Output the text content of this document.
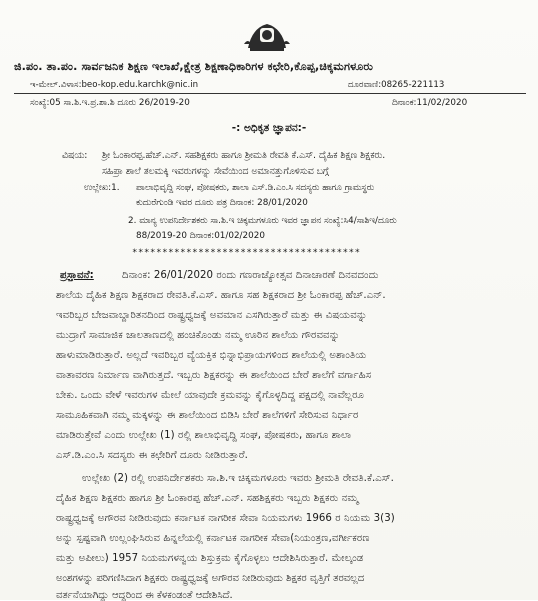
ಜಿ.ಪಂ. ತಾ.ಪಂ. ಸಾರ್ವಜನಿಕ ಶಿಕ್ಷಣ ಇಲಾಖೆ,ಕ್ಷೇತ್ರ ಶಿಕ್ಷಣಾಧಿಕಾರಿಗಳ ಕಛೇರಿ,ಕೊಪ್ಪ,ಚಿಕ್ಕಮಗಳೂರು
ಇ-ಮೇಲ್.ವಿಳಾಸ:beo-kop.edu.karchk@nic.in	ದೂರವಾಣಿ:08265-221113
ಸಂಖ್ಯೆ:05 ಸಾ.ಶಿ.ಇ.ಪ್ರ.ಶಾ.ಶಿ ದೂರು 26/2019-20	ದಿನಾಂಕ:11/02/2020
-: ಅಧಿಕೃತ ಜ್ಞಾಪನ:-
ವಿಷಯ: ಶ್ರೀ ಓಂಕಾರಪ್ಪ.ಹೆಚ್.ಎನ್. ಸಹಶಿಕ್ಷಕರು ಹಾಗೂ ಶ್ರೀಮತಿ ರೇವತಿ ಕೆ.ಎಸ್. ದೈಹಿಕ ಶಿಕ್ಷಣ ಶಿಕ್ಷಕರು.
ಸಹಿಪ್ರಾ ಶಾಲೆ ತಲಮಕ್ಕಿ ಇವರುಗಳನ್ನು ಸೇವೆಯಿಂದ ಅಮಾನತ್ತುಗೊಳಿಸುವ ಬಗ್ಗೆ
ಉಲ್ಲೇಖ:1. ಪಾಲಾಭಿವೃದ್ದಿ ಸಂಘ, ಪೋಷಕರು, ಶಾಲಾ ಎಸ್.ಡಿ.ಎಂ.ಸಿ ಸದಸ್ಯರು ಹಾಗೂ ಗ್ರಾಮಸ್ಥರು
ಕುದುರೆಗುಂಡಿ ಇವರ ದೂರು ಪತ್ರ ದಿನಾಂಕ: 28/01/2020
2. ಮಾನ್ಯ ಉಪನಿರ್ದೇಶಕರು ಸಾ.ಶಿ.ಇ ಚಿಕ್ಕಮಗಳೂರು ಇವರ ಜ್ಞಾಪನ ಸಂಖ್ಯೆ:ಸಿ4/ಸಾಶಿಇ/ದೂರು
88/2019-20 ದಿನಾಂಕ:01/02/2020
**************************************
ಪ್ರಸ್ತಾವನೆ:	ದಿನಾಂಕ: 26/01/2020 ರಂದು ಗಣರಾಜ್ಯೋತ್ಸವ ದಿನಾಚಾರಣೆ ದಿನವದಂದು
ಶಾಲೆಯ ದೈಹಿಕ ಶಿಕ್ಷಣ ಶಿಕ್ಷಕರಾದ ರೇವತಿ.ಕೆ.ಎಸ್. ಹಾಗೂ ಸಹ ಶಿಕ್ಷಕರಾದ ಶ್ರೀ ಓಂಕಾರಪ್ಪ ಹೆಚ್.ಎನ್.
ಇವರಿಬ್ಬರ ಬೇಜವಾಬ್ದಾರಿತನದಿಂದ ರಾಷ್ಟ್ರಧ್ವಜಕ್ಕೆ ಅವಮಾನ ಎಸಗಿರುತ್ತಾರೆ ಮತ್ತು ಈ ವಿಷಯವನ್ನು
ಮುದ್ರಾಗೆ ಸಾಮಾಜಿಕ ಜಾಲತಾಣದಲ್ಲಿ ಹಂಚಿಕೊಂಡು ನಮ್ಮ ಊರಿನ ಶಾಲೆಯ ಗೌರವವನ್ನು
ಹಾಳುಮಾಡಿರುತ್ತಾರೆ. ಅಲ್ಲದೆ ಇವರಿಬ್ಬರ ವ್ಯೆಯಕ್ತಿಕ ಭಿನ್ನಾಭಿಪ್ರಾಯಗಳಿಂದ ಶಾಲೆಯಲ್ಲಿ ಅಶಾಂತಿಯ
ವಾತಾವರಣ ನಿರ್ಮಾಣ ವಾಗಿರುತ್ತದೆ. ಇಬ್ಬರು ಶಿಕ್ಷಕರನ್ನು ಈ ಶಾಲೆಯಿಂದ ಬೇರೆ ಶಾಲೆಗೆ ವರ್ಗಾಹಿಸ
ಬೇಕು. ಒಂದು ವೇಳೆ ಇವರುಗಳ ಮೇಲೆ ಯಾವುದೇ ಕ್ರಮವನ್ನು ಕೈಗೊಳ್ಳದಿದ್ದ ಪಕ್ಷದಲ್ಲಿ ನಾವೆಲ್ಲರೂ
ಸಾಮೂಹಿಕವಾಗಿ ನಮ್ಮ ಮಕ್ಕಳನ್ನು ಈ ಶಾಲೆಯಿಂದ ಬಿಡಿಸಿ ಬೇರೆ ಶಾಲೆಗಳಿಗೆ ಸೇರಿಸುವ ನಿರ್ಧಾರ
ಮಾಡಿರುತ್ತೇವೆ ಎಂದು ಉಲ್ಲೇಖ (1) ರಲ್ಲಿ ಶಾಲಾಭಿವೃದ್ದಿ ಸಂಘ, ಪೋಷಕರು, ಹಾಗೂ ಶಾಲಾ
ಎಸ್.ಡಿ.ಎಂ.ಸಿ ಸದಸ್ಯರು ಈ ಕಛೇರಿಗೆ ದೂರು ನೀಡಿರುತ್ತಾರೆ.
ಉಲ್ಲೇಖ (2) ರಲ್ಲಿ ಉಪನಿರ್ದೇಶಕರು ಸಾ.ಶಿ.ಇ ಚಿಕ್ಕಮಗಳೂರು ಇವರು ಶ್ರೀಮತಿ ರೇವತಿ.ಕೆ.ಎಸ್.
ದೈಹಿಕ ಶಿಕ್ಷಣ ಶಿಕ್ಷಕರು ಹಾಗೂ ಶ್ರೀ ಓಂಕಾರಪ್ಪ ಹೆಚ್.ಎನ್. ಸಹಶಿಕ್ಷಕರು ಇಬ್ಬರು ಶಿಕ್ಷಕರು ನಮ್ಮ
ರಾಷ್ಟ್ರಧ್ವಜಕ್ಕೆ ಅಗೌರವ ನೀಡಿರುವುದು ಕರ್ನಾಟಕ ನಾಗರೀಕ ಸೇವಾ ನಿಯಮಗಳು 1966 ರ ನಿಯಮ 3(3)
ಅನ್ನು ಸ್ಪಷ್ಟವಾಗಿ ಉಲ್ಲಂಘಿಸಿರುವ ಹಿನ್ನಲೆಯಲ್ಲಿ ಕರ್ನಾಟಕ ನಾಗರೀಕ ಸೇವಾ(ನಿಯಂತ್ರಣ,ವರ್ಗೀಕರಣ
ಮತ್ತು ಅಪೀಲು) 1957 ನಿಯಮಗಳನ್ವಯ ಶಿಸ್ತುಕ್ರಮ ಕೈಗೊಳ್ಳಲು ಆದೇಶಿಸಿರುತ್ತಾರೆ. ಮೇಲ್ಕಂಡ
ಅಂಶಗಳನ್ನು ಪರಿಗಣಿಸಿದಾಗ ಶಿಕ್ಷಕರು ರಾಷ್ಟ್ರಧ್ವಜಕ್ಕೆ ಅಗೌರವ ನೀಡಿರುವುದು ಶಿಕ್ಷಕರ ವೃತ್ತಿಗೆ ತರವಲ್ಲದ
ವರ್ತನೆಯಾಗಿದ್ದು ಆದ್ದರಿಂದ ಈ ಕೆಳಕಂಡಂತೆ ಆದೇಶಿಸಿದೆ.
